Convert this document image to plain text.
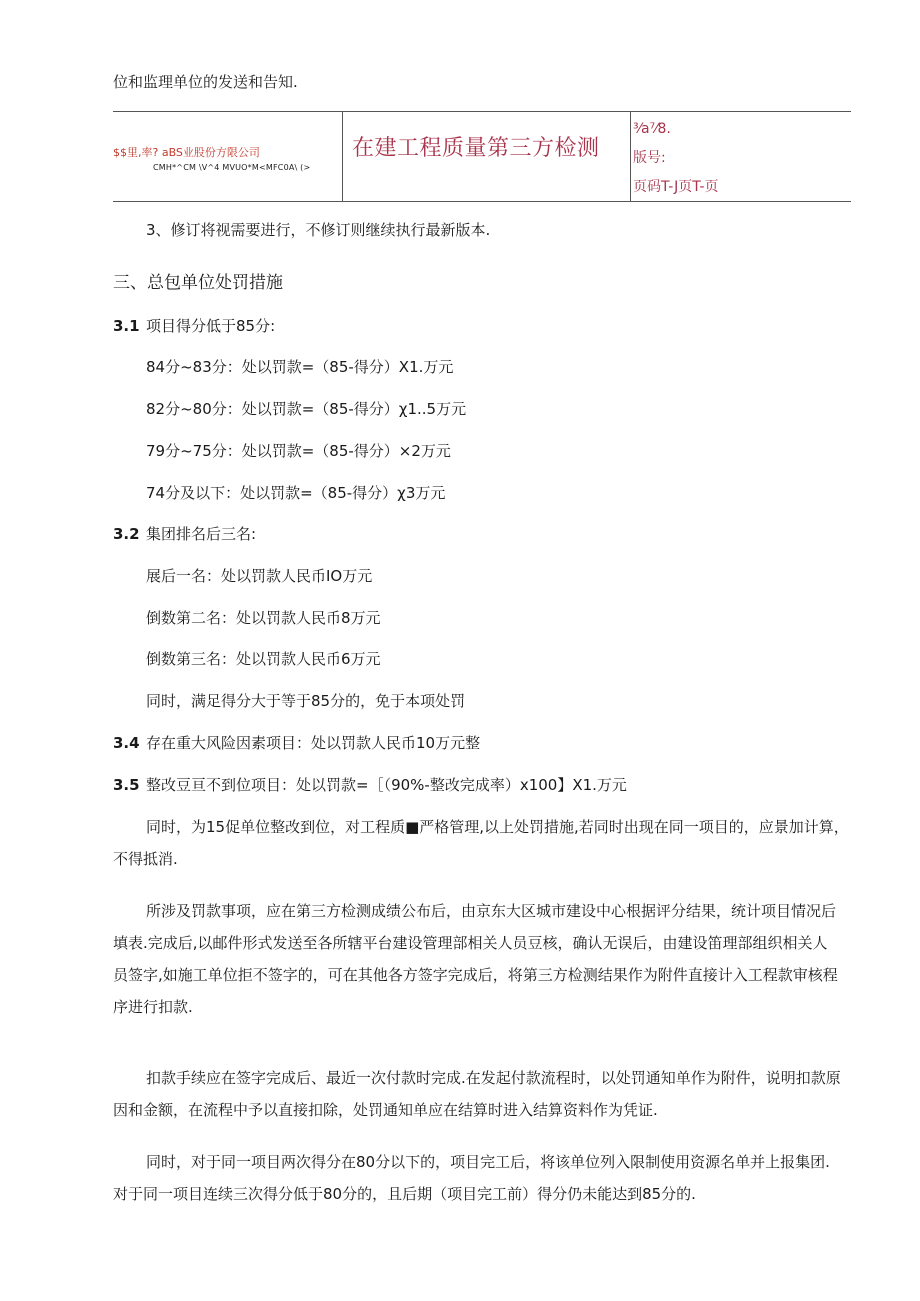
位和监理单位的发送和告知.
$$里,率? aBS业股份方限公司
CMH*^CM \V^4 MVUO*M<MFC0A\ (>
在建工程质量第三方检测
³⁄a⁷⁄8.
版号:
页码T-J页T-页
3、修订将视需要进行，不修订则继续执行最新版本.
三、总包单位处罚措施
3.1 项目得分低于85分:
84分~83分：处以罚款=（85-得分）X1.万元
82分~80分：处以罚款=（85-得分）χ1..5万元
79分~75分：处以罚款=（85-得分）×2万元
74分及以下：处以罚款=（85-得分）χ3万元
3.2 集团排名后三名:
展后一名：处以罚款人民币IO万元
倒数第二名：处以罚款人民币8万元
倒数第三名：处以罚款人民币6万元
同时，满足得分大于等于85分的，免于本项处罚
3.4 存在重大风险因素项目：处以罚款人民币10万元整
3.5 整改豆亘不到位项目：处以罚款=［（90%-整改完成率）x100】X1.万元
同时，为15促单位整改到位，对工程质■严格管理,以上处罚措施,若同时出现在同一项目的，应景加计算，
不得抵消.
所涉及罚款事项，应在第三方检测成绩公布后，由京东大区城市建设中心根据评分结果，统计项目情况后
填表.完成后,以邮件形式发送至各所辖平台建设管理部相关人员豆核，确认无误后，由建设笛理部组织相关人
员签字,如施工单位拒不签字的，可在其他各方签字完成后，将第三方检测结果作为附件直接计入工程款审核程
序进行扣款.
扣款手续应在签字完成后、最近一次付款时完成.在发起付款流程时，以处罚通知单作为附件，说明扣款原
因和金额，在流程中予以直接扣除，处罚通知单应在结算时进入结算资料作为凭证.
同时，对于同一项目两次得分在80分以下的，项目完工后，将该单位列入限制使用资源名单并上报集团.
对于同一项目连续三次得分低于80分的，且后期（项目完工前）得分仍未能达到85分的.
